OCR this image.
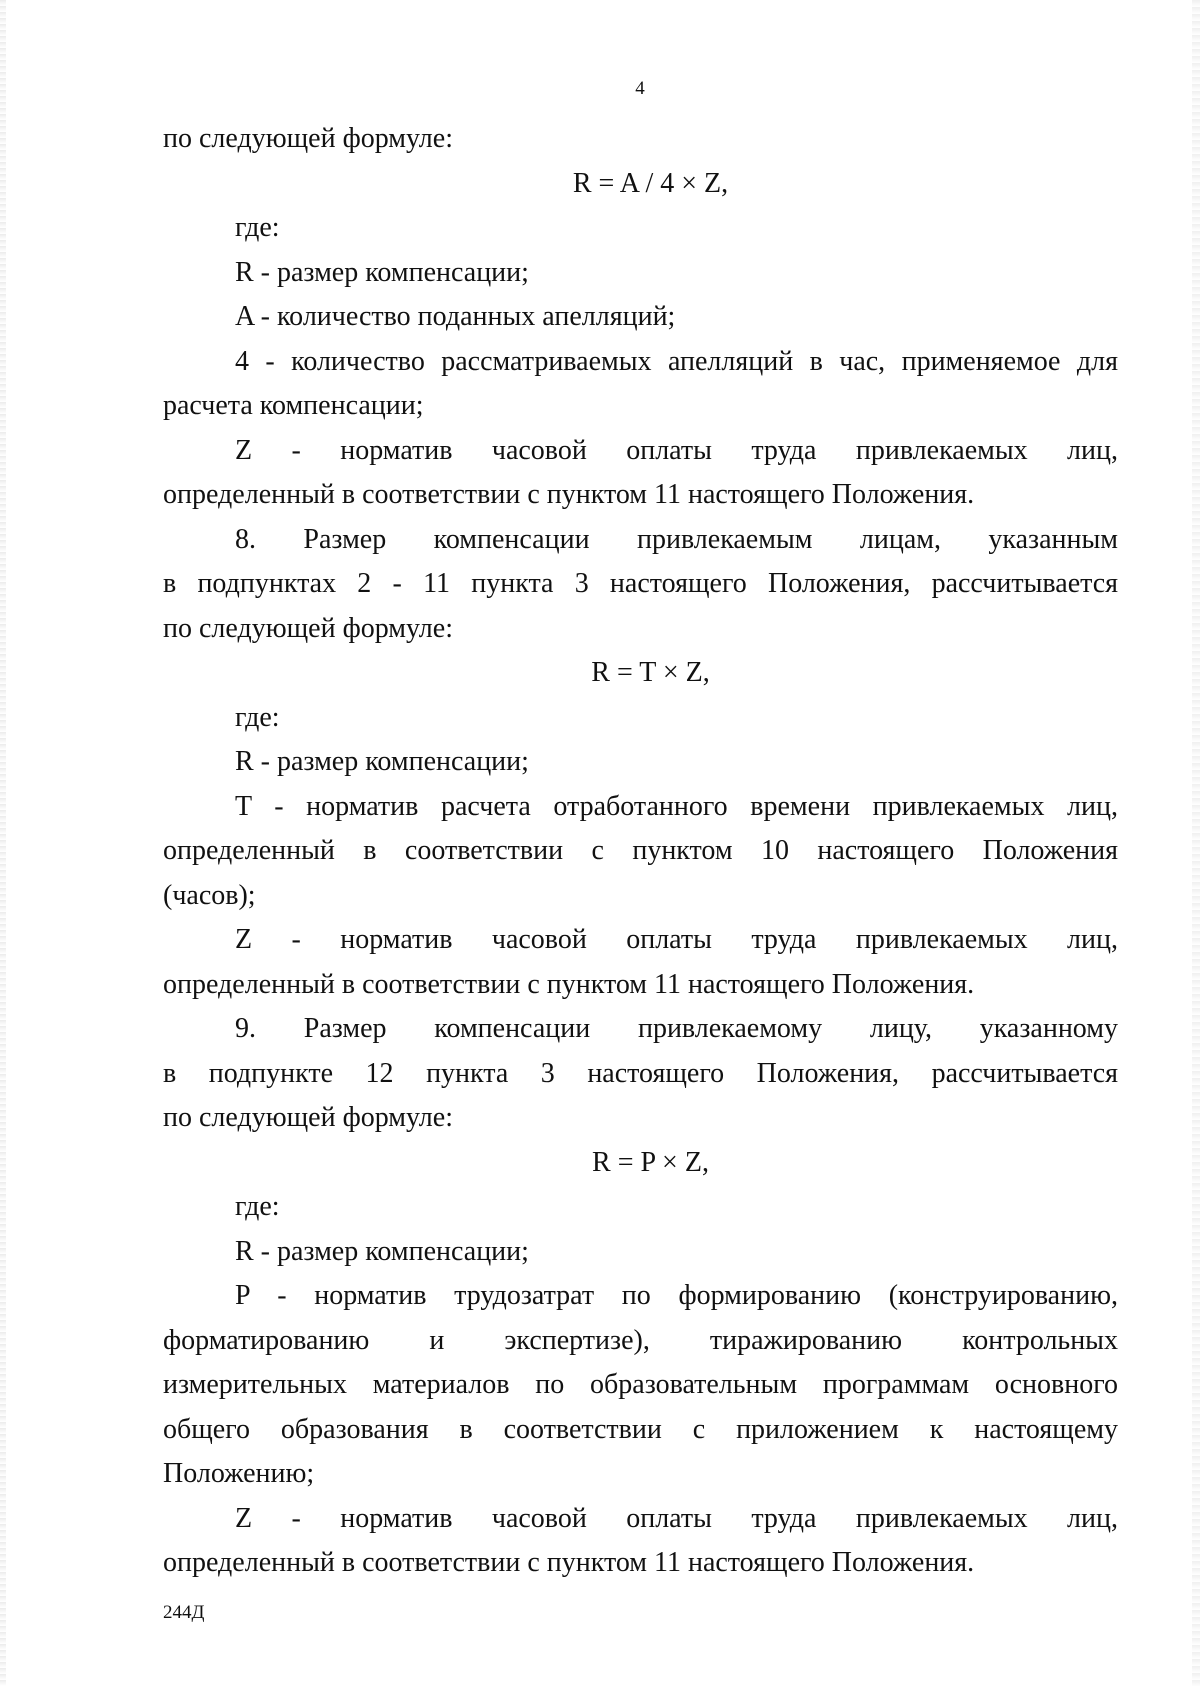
4
по следующей формуле:
R = A / 4 × Z,
где:
R - размер компенсации;
A - количество поданных апелляций;
4 - количество рассматриваемых апелляций в час, применяемое для
расчета компенсации;
Z - норматив часовой оплаты труда привлекаемых лиц,
определенный в соответствии с пунктом 11 настоящего Положения.
8. Размер компенсации привлекаемым лицам, указанным
в подпунктах 2 - 11 пункта 3 настоящего Положения, рассчитывается
по следующей формуле:
R = T × Z,
где:
R - размер компенсации;
T - норматив расчета отработанного времени привлекаемых лиц,
определенный в соответствии с пунктом 10 настоящего Положения
(часов);
Z - норматив часовой оплаты труда привлекаемых лиц,
определенный в соответствии с пунктом 11 настоящего Положения.
9. Размер компенсации привлекаемому лицу, указанному
в подпункте 12 пункта 3 настоящего Положения, рассчитывается
по следующей формуле:
R = P × Z,
где:
R - размер компенсации;
P - норматив трудозатрат по формированию (конструированию,
форматированию и экспертизе), тиражированию контрольных
измерительных материалов по образовательным программам основного
общего образования в соответствии с приложением к настоящему
Положению;
Z - норматив часовой оплаты труда привлекаемых лиц,
определенный в соответствии с пунктом 11 настоящего Положения.
244Д
